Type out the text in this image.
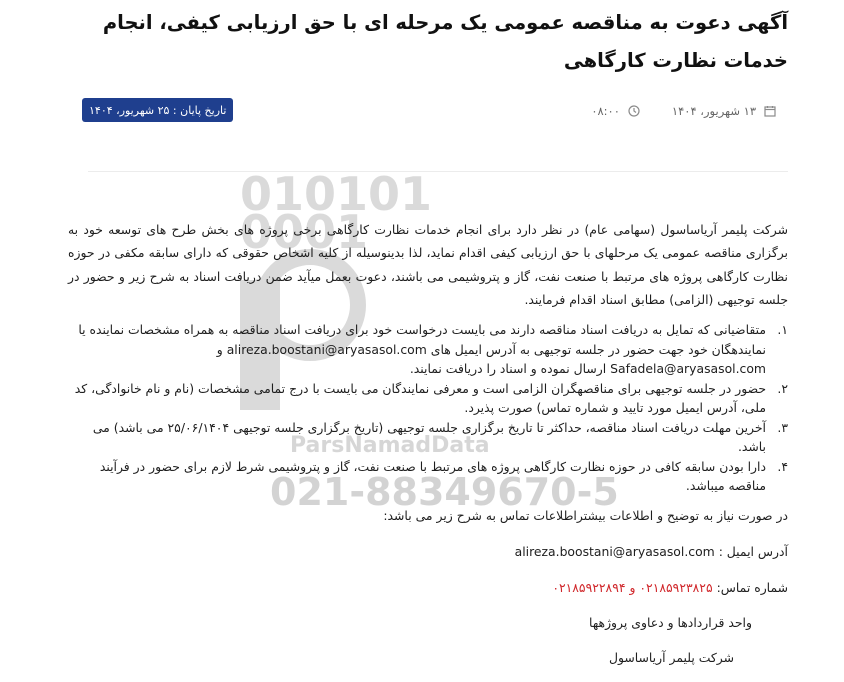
آگهی دعوت به مناقصه عمومی یک مرحله ای با حق ارزیابی کیفی، انجام خدمات نظارت کارگاهی
۱۳ شهریور، ۱۴۰۴
۰۸:۰۰
تاریخ پایان : ۲۵ شهریور، ۱۴۰۴
010101
0001
ParsNamadData
021-88349670-5

شرکت پلیمر آریاساسول (سهامی عام) در نظر دارد برای انجام خدمات نظارت کارگاهی برخی پروژه های بخش طرح های توسعه خود به برگزاری مناقصه عمومی یک مرحلهای با حق ارزیابی کیفی اقدام نماید، لذا بدینوسیله از کلیه اشخاص حقوقی که دارای سابقه مکفی در حوزه نظارت کارگاهی پروژه های مرتبط با صنعت نفت، گاز و پتروشیمی می باشند، دعوت بعمل میآید ضمن دریافت اسناد به شرح زیر و حضور در جلسه توجیهی (الزامی) مطابق اسناد اقدام فرمایند.

۱.
متقاضیانی که تمایل به دریافت اسناد مناقصه دارند می بایست درخواست خود برای دریافت اسناد مناقصه به همراه مشخصات نماینده یا نمایندهگان خود جهت حضور در جلسه توجیهی به آدرس ایمیل های alireza.boostani@aryasasol.com و Safadela@aryasasol.com ارسال نموده و اسناد را دریافت نمایند.
۲.
حضور در جلسه توجیهی برای مناقصهگران الزامی است و معرفی نمایندگان می بایست با درج تمامی مشخصات (نام و نام خانوادگی، کد ملی، آدرس ایمیل مورد تایید و شماره تماس) صورت پذیرد.
۳.
آخرین مهلت دریافت اسناد مناقصه، حداکثر تا تاریخ برگزاری جلسه توجیهی (تاریخ برگزاری جلسه توجیهی ۲۵/۰۶/۱۴۰۴ می باشد) می باشد.
۴.
دارا بودن سابقه کافی در حوزه نظارت کارگاهی پروژه های مرتبط با صنعت نفت، گاز و پتروشیمی شرط لازم برای حضور در فرآیند مناقصه میباشد.

در صورت نیاز به توضیح و اطلاعات بیشتراطلاعات تماس به شرح زیر می باشد:

آدرس ایمیل : alireza.boostani@aryasasol.com

شماره تماس: ۰۲۱۸۵۹۲۳۸۲۵ و ۰۲۱۸۵۹۲۲۸۹۴

واحد قراردادها و دعاوی پروژهها

شرکت پلیمر آریاساسول
